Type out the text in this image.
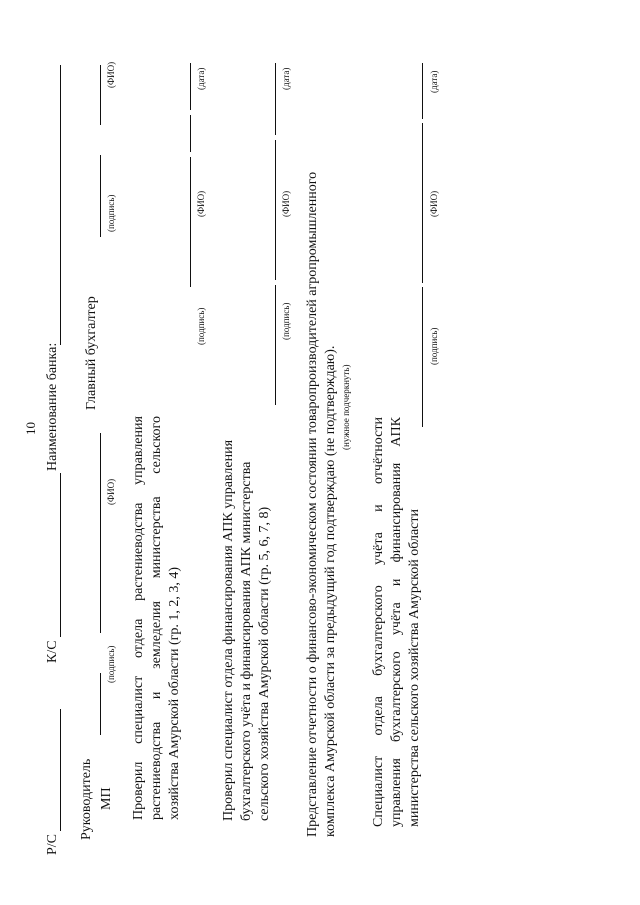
10
Р/С
К/С
Наименование банка:
Руководитель
Главный бухгалтер
МП
(подпись)
(ФИО)
(подпись)
(ФИО)
Проверил
специалист
отдела
растениеводства
управления
растениеводства
и
земледелия
министерства
сельского
хозяйства Амурской области (гр. 1, 2, 3, 4)
(подпись)
(ФИО)
(дата)
Проверил специалист отдела финансирования АПК управления бухгалтерского учёта и финансирования АПК министерства сельского хозяйства Амурской области (гр. 5, 6, 7, 8)
(подпись)
(ФИО)
(дата)
Представление отчетности о финансово-экономическом состоянии товаропроизводителей агропромышленного комплекса Амурской области за предыдущий год подтверждаю (не подтверждаю). (нужное подчеркнуть)
Специалист
отдела
бухгалтерского
учёта
и
отчётности
управления
бухгалтерского
учёта
и
финансирования
АПК
министерства сельского хозяйства Амурской области
(подпись)
(ФИО)
(дата)
